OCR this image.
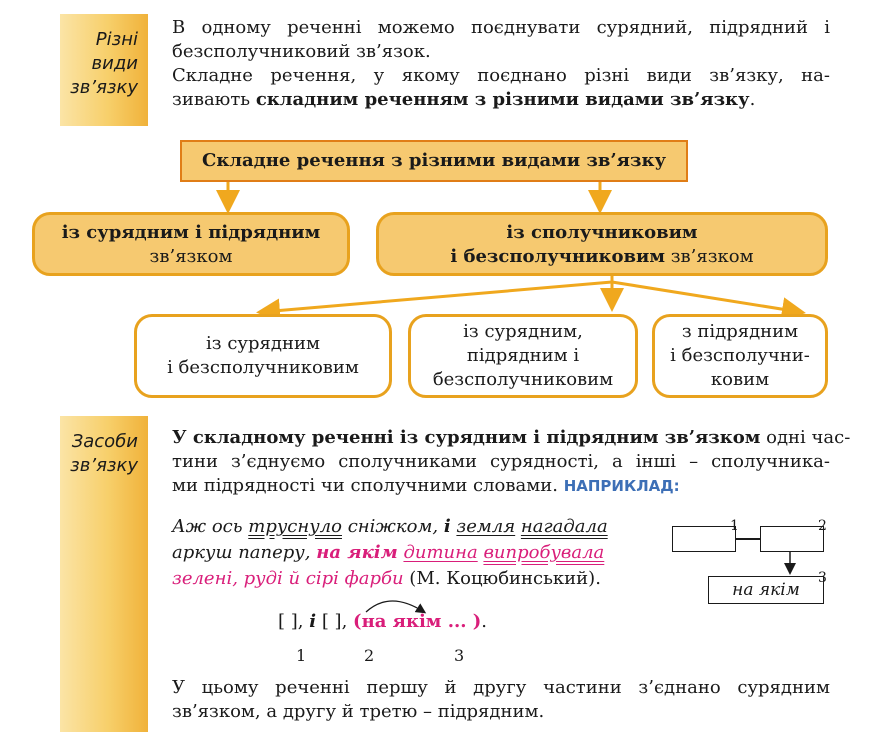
Різні
види
зв’язку
В одному реченні можемо поєднувати сурядний, підрядний і
безсполучниковий зв’язок.
Складне речення, у якому поєднано різні види зв’язку, на-
зивають складним реченням з різними видами зв’язку.
Складне речення з різними видами зв’язку
із сурядним і підрядним
зв’язком
із сполучниковим
і безсполучниковим зв’язком
із сурядним
і безсполучниковим
із сурядним,
підрядним і
безсполучниковим
з підрядним
і безсполучни-
ковим
Засоби
зв’язку
У складному реченні із сурядним і підрядним зв’язком одні час-
тини з’єднуємо сполучниками сурядності, а інші – сполучника-
ми підрядності чи сполучними словами. НАПРИКЛАД:
Аж ось труснуло сніжком, і земля нагадала
аркуш паперу, на якім дитина випробувала
зелені, руді й сірі фарби (М. Коцюбинський).
1	2
на якім
3
[ ], і [ ], (на якім ... ).
1	2	3
У цьому реченні першу й другу частини з’єднано сурядним
зв’язком, а другу й третю – підрядним.
